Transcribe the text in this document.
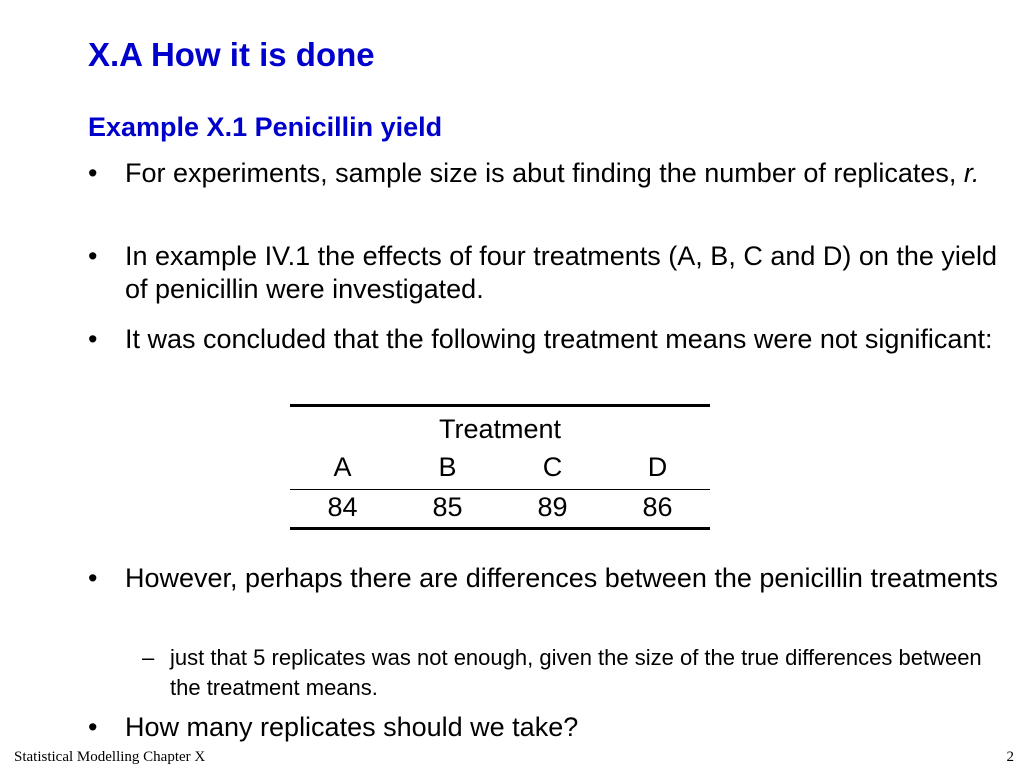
X.A How it is done
Example X.1 Penicillin yield
• For experiments, sample size is abut finding the number of replicates, r.
• In example IV.1 the effects of four treatments (A, B, C and D) on the yield of penicillin were investigated.
• It was concluded that the following treatment means were not significant:
Treatment
A	B	C	D
84	85	89	86
• However, perhaps there are differences between the penicillin treatments
– just that 5 replicates was not enough, given the size of the true differences between the treatment means.
• How many replicates should we take?
Statistical Modelling Chapter X	2
